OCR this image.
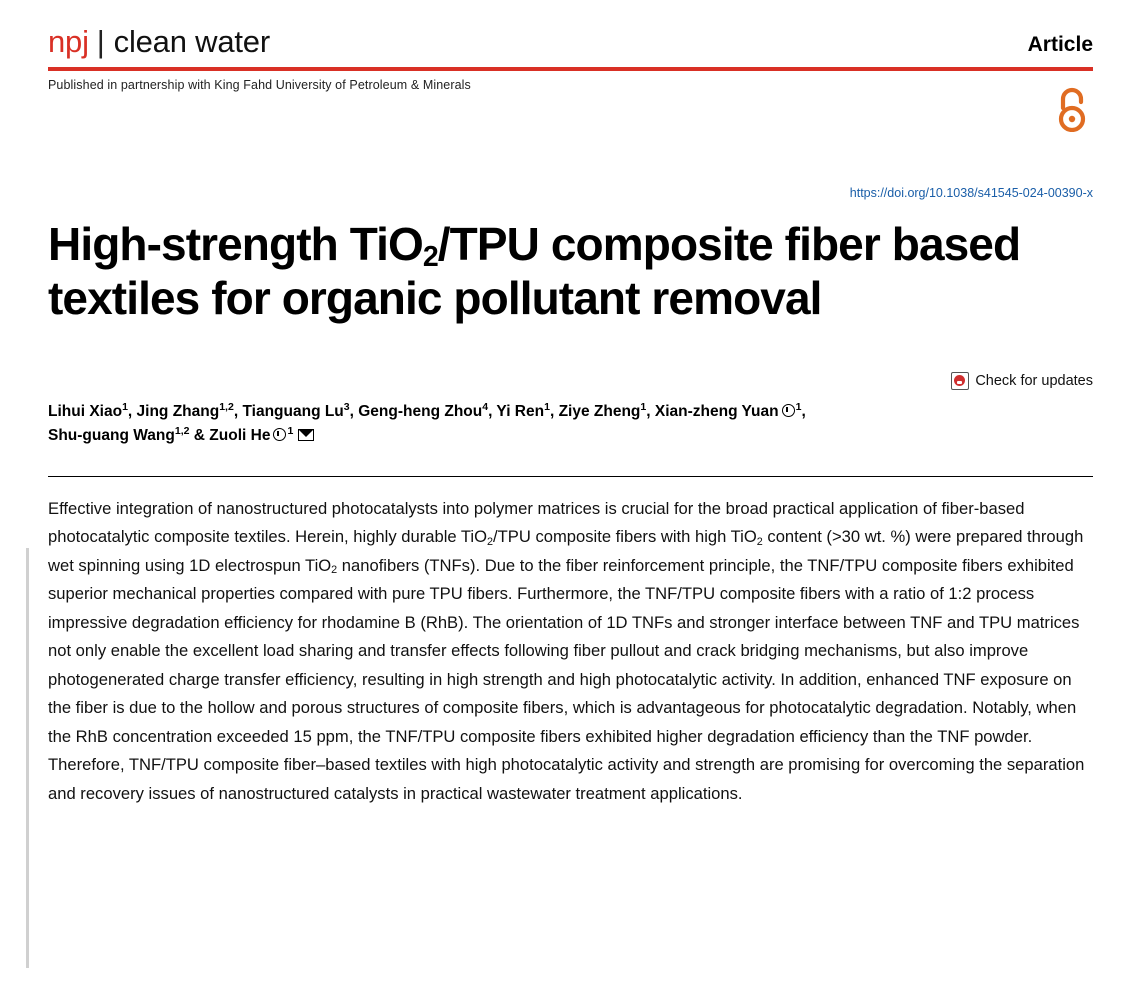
npj | clean water	Article
Published in partnership with King Fahd University of Petroleum & Minerals
https://doi.org/10.1038/s41545-024-00390-x
High-strength TiO$_2$/TPU composite fiber based textiles for organic pollutant removal
Check for updates
Lihui Xiao$^1$, Jing Zhang$^{1,2}$, Tianguang Lu$^3$, Geng-heng Zhou$^4$, Yi Ren$^1$, Ziye Zheng$^1$, Xian-zheng Yuan $^1$,
Shu-guang Wang$^{1,2}$ & Zuoli He $^1$
Effective integration of nanostructured photocatalysts into polymer matrices is crucial for the broad practical application of fiber-based photocatalytic composite textiles. Herein, highly durable TiO$_2$/TPU composite fibers with high TiO$_2$ content (>30 wt. %) were prepared through wet spinning using 1D electrospun TiO$_2$ nanofibers (TNFs). Due to the fiber reinforcement principle, the TNF/TPU composite fibers exhibited superior mechanical properties compared with pure TPU fibers. Furthermore, the TNF/TPU composite fibers with a ratio of 1:2 process impressive degradation efficiency for rhodamine B (RhB). The orientation of 1D TNFs and stronger interface between TNF and TPU matrices not only enable the excellent load sharing and transfer effects following fiber pullout and crack bridging mechanisms, but also improve photogenerated charge transfer efficiency, resulting in high strength and high photocatalytic activity. In addition, enhanced TNF exposure on the fiber is due to the hollow and porous structures of composite fibers, which is advantageous for photocatalytic degradation. Notably, when the RhB concentration exceeded 15 ppm, the TNF/TPU composite fibers exhibited higher degradation efficiency than the TNF powder. Therefore, TNF/TPU composite fiber–based textiles with high photocatalytic activity and strength are promising for overcoming the separation and recovery issues of nanostructured catalysts in practical wastewater treatment applications.
